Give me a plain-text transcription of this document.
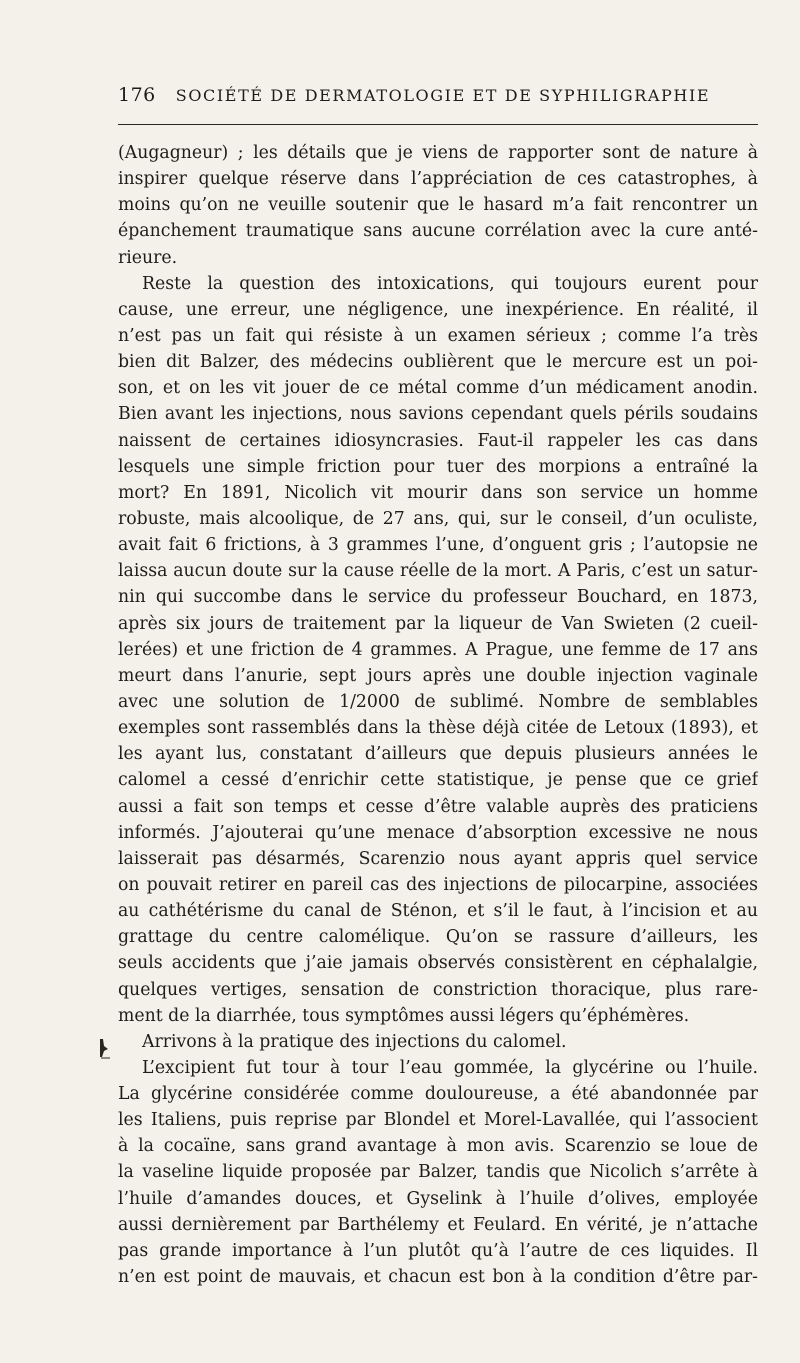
176 SOCIÉTÉ DE DERMATOLOGIE ET DE SYPHILIGRAPHIE
(Augagneur) ; les détails que je viens de rapporter sont de nature à
inspirer quelque réserve dans l’appréciation de ces catastrophes, à
moins qu’on ne veuille soutenir que le hasard m’a fait rencontrer un
épanchement traumatique sans aucune corrélation avec la cure anté-
rieure.
Reste la question des intoxications, qui toujours eurent pour
cause, une erreur, une négligence, une inexpérience. En réalité, il
n’est pas un fait qui résiste à un examen sérieux ; comme l’a très
bien dit Balzer, des médecins oublièrent que le mercure est un poi-
son, et on les vit jouer de ce métal comme d’un médicament anodin.
Bien avant les injections, nous savions cependant quels périls soudains
naissent de certaines idiosyncrasies. Faut-il rappeler les cas dans
lesquels une simple friction pour tuer des morpions a entraîné la
mort? En 1891, Nicolich vit mourir dans son service un homme
robuste, mais alcoolique, de 27 ans, qui, sur le conseil, d’un oculiste,
avait fait 6 frictions, à 3 grammes l’une, d’onguent gris ; l’autopsie ne
laissa aucun doute sur la cause réelle de la mort. A Paris, c’est un satur-
nin qui succombe dans le service du professeur Bouchard, en 1873,
après six jours de traitement par la liqueur de Van Swieten (2 cueil-
lerées) et une friction de 4 grammes. A Prague, une femme de 17 ans
meurt dans l’anurie, sept jours après une double injection vaginale
avec une solution de 1/2000 de sublimé. Nombre de semblables
exemples sont rassemblés dans la thèse déjà citée de Letoux (1893), et
les ayant lus, constatant d’ailleurs que depuis plusieurs années le
calomel a cessé d’enrichir cette statistique, je pense que ce grief
aussi a fait son temps et cesse d’être valable auprès des praticiens
informés. J’ajouterai qu’une menace d’absorption excessive ne nous
laisserait pas désarmés, Scarenzio nous ayant appris quel service
on pouvait retirer en pareil cas des injections de pilocarpine, associées
au cathétérisme du canal de Sténon, et s’il le faut, à l’incision et au
grattage du centre calomélique. Qu’on se rassure d’ailleurs, les
seuls accidents que j’aie jamais observés consistèrent en céphalalgie,
quelques vertiges, sensation de constriction thoracique, plus rare-
ment de la diarrhée, tous symptômes aussi légers qu’éphémères.
Arrivons à la pratique des injections du calomel.
L’excipient fut tour à tour l’eau gommée, la glycérine ou l’huile.
La glycérine considérée comme douloureuse, a été abandonnée par
les Italiens, puis reprise par Blondel et Morel-Lavallée, qui l’associent
à la cocaïne, sans grand avantage à mon avis. Scarenzio se loue de
la vaseline liquide proposée par Balzer, tandis que Nicolich s’arrête à
l’huile d’amandes douces, et Gyselink à l’huile d’olives, employée
aussi dernièrement par Barthélemy et Feulard. En vérité, je n’attache
pas grande importance à l’un plutôt qu’à l’autre de ces liquides. Il
n’en est point de mauvais, et chacun est bon à la condition d’être par-
